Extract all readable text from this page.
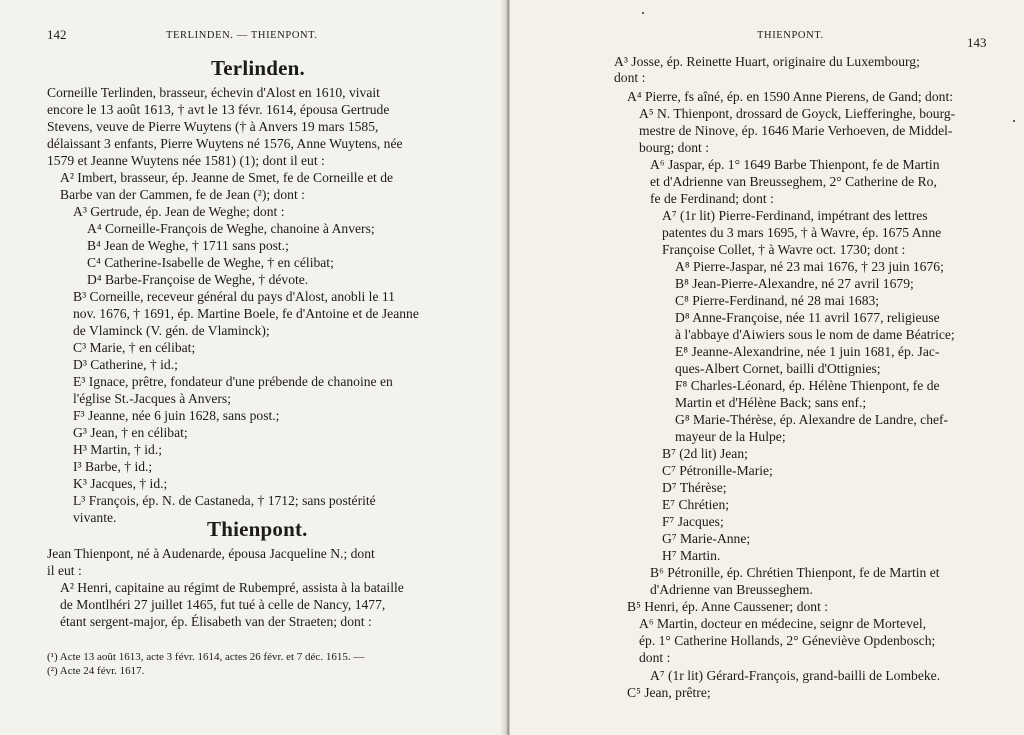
142	TERLINDEN. — THIENPONT.
Terlinden.
Corneille Terlinden, brasseur, échevin d'Alost en 1610, vivait
encore le 13 août 1613, † avt le 13 févr. 1614, épousa Gertrude
Stevens, veuve de Pierre Wuytens († à Anvers 19 mars 1585,
délaissant 3 enfants, Pierre Wuytens né 1576, Anne Wuytens, née
1579 et Jeanne Wuytens née 1581) (1); dont il eut :
A² Imbert, brasseur, ép. Jeanne de Smet, fe de Corneille et de
Barbe van der Cammen, fe de Jean (²); dont :
A³ Gertrude, ép. Jean de Weghe; dont :
A⁴ Corneille-François de Weghe, chanoine à Anvers;
B⁴ Jean de Weghe, † 1711 sans post.;
C⁴ Catherine-Isabelle de Weghe, † en célibat;
D⁴ Barbe-Françoise de Weghe, † dévote.
B³ Corneille, receveur général du pays d'Alost, anobli le 11
nov. 1676, † 1691, ép. Martine Boele, fe d'Antoine et de Jeanne
de Vlaminck (V. gén. de Vlaminck);
C³ Marie, † en célibat;
D³ Catherine, † id.;
E³ Ignace, prêtre, fondateur d'une prébende de chanoine en
l'église St.-Jacques à Anvers;
F³ Jeanne, née 6 juin 1628, sans post.;
G³ Jean, † en célibat;
H³ Martin, † id.;
I³ Barbe, † id.;
K³ Jacques, † id.;
L³ François, ép. N. de Castaneda, † 1712; sans postérité
vivante.	Thienpont.
Jean Thienpont, né à Audenarde, épousa Jacqueline N.; dont
il eut :
A² Henri, capitaine au régimt de Rubempré, assista à la bataille
de Montlhéri 27 juillet 1465, fut tué à celle de Nancy, 1477,
étant sergent-major, ép. Élisabeth van der Straeten; dont :
(¹) Acte 13 août 1613, acte 3 févr. 1614, actes 26 févr. et 7 déc. 1615. —
(²) Acte 24 févr. 1617.
THIENPONT.	143
A³ Josse, ép. Reinette Huart, originaire du Luxembourg;
dont :
A⁴ Pierre, fs aîné, ép. en 1590 Anne Pierens, de Gand; dont:
A⁵ N. Thienpont, drossard de Goyck, Liefferinghe, bourg-
mestre de Ninove, ép. 1646 Marie Verhoeven, de Middel-
bourg; dont :
A⁶ Jaspar, ép. 1° 1649 Barbe Thienpont, fe de Martin
et d'Adrienne van Breusseghem, 2° Catherine de Ro,
fe de Ferdinand; dont :
A⁷ (1r lit) Pierre-Ferdinand, impétrant des lettres
patentes du 3 mars 1695, † à Wavre, ép. 1675 Anne
Françoise Collet, † à Wavre oct. 1730; dont :
A⁸ Pierre-Jaspar, né 23 mai 1676, † 23 juin 1676;
B⁸ Jean-Pierre-Alexandre, né 27 avril 1679;
C⁸ Pierre-Ferdinand, né 28 mai 1683;
D⁸ Anne-Françoise, née 11 avril 1677, religieuse
à l'abbaye d'Aiwiers sous le nom de dame Béatrice;
E⁸ Jeanne-Alexandrine, née 1 juin 1681, ép. Jac-
ques-Albert Cornet, bailli d'Ottignies;
F⁸ Charles-Léonard, ép. Hélène Thienpont, fe de
Martin et d'Hélène Back; sans enf.;
G⁸ Marie-Thérèse, ép. Alexandre de Landre, chef-
mayeur de la Hulpe;
B⁷ (2d lit) Jean;
C⁷ Pétronille-Marie;
D⁷ Thérèse;
E⁷ Chrétien;
F⁷ Jacques;
G⁷ Marie-Anne;
H⁷ Martin.
B⁶ Pétronille, ép. Chrétien Thienpont, fe de Martin et
d'Adrienne van Breusseghem.
B⁵ Henri, ép. Anne Caussener; dont :
A⁶ Martin, docteur en médecine, seignr de Mortevel,
ép. 1° Catherine Hollands, 2° Géneviève Opdenbosch;
dont :
A⁷ (1r lit) Gérard-François, grand-bailli de Lombeke.
C⁵ Jean, prêtre;
